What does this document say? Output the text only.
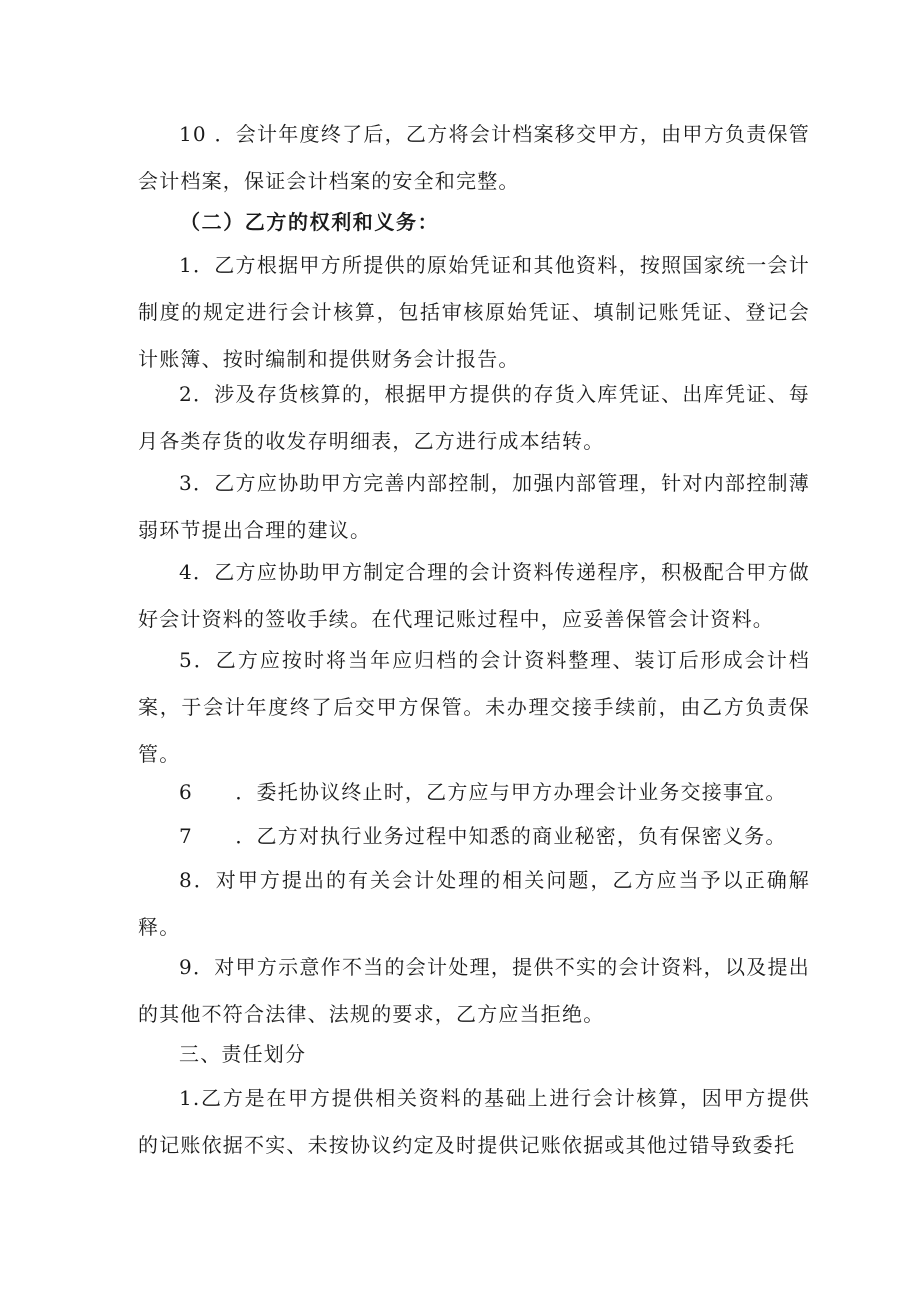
10 ．会计年度终了后，乙方将会计档案移交甲方，由甲方负责保管会计档案，保证会计档案的安全和完整。

（二）乙方的权利和义务：

1．乙方根据甲方所提供的原始凭证和其他资料，按照国家统一会计制度的规定进行会计核算，包括审核原始凭证、填制记账凭证、登记会计账簿、按时编制和提供财务会计报告。

2．涉及存货核算的，根据甲方提供的存货入库凭证、出库凭证、每月各类存货的收发存明细表，乙方进行成本结转。

3．乙方应协助甲方完善内部控制，加强内部管理，针对内部控制薄弱环节提出合理的建议。

4．乙方应协助甲方制定合理的会计资料传递程序，积极配合甲方做好会计资料的签收手续。在代理记账过程中，应妥善保管会计资料。

5．乙方应按时将当年应归档的会计资料整理、装订后形成会计档案，于会计年度终了后交甲方保管。未办理交接手续前，由乙方负责保管。

6　　．委托协议终止时，乙方应与甲方办理会计业务交接事宜。

7　　．乙方对执行业务过程中知悉的商业秘密，负有保密义务。

8．对甲方提出的有关会计处理的相关问题，乙方应当予以正确解释。

9．对甲方示意作不当的会计处理，提供不实的会计资料，以及提出的其他不符合法律、法规的要求，乙方应当拒绝。

三、责任划分

1.乙方是在甲方提供相关资料的基础上进行会计核算，因甲方提供的记账依据不实、未按协议约定及时提供记账依据或其他过错导致委托
